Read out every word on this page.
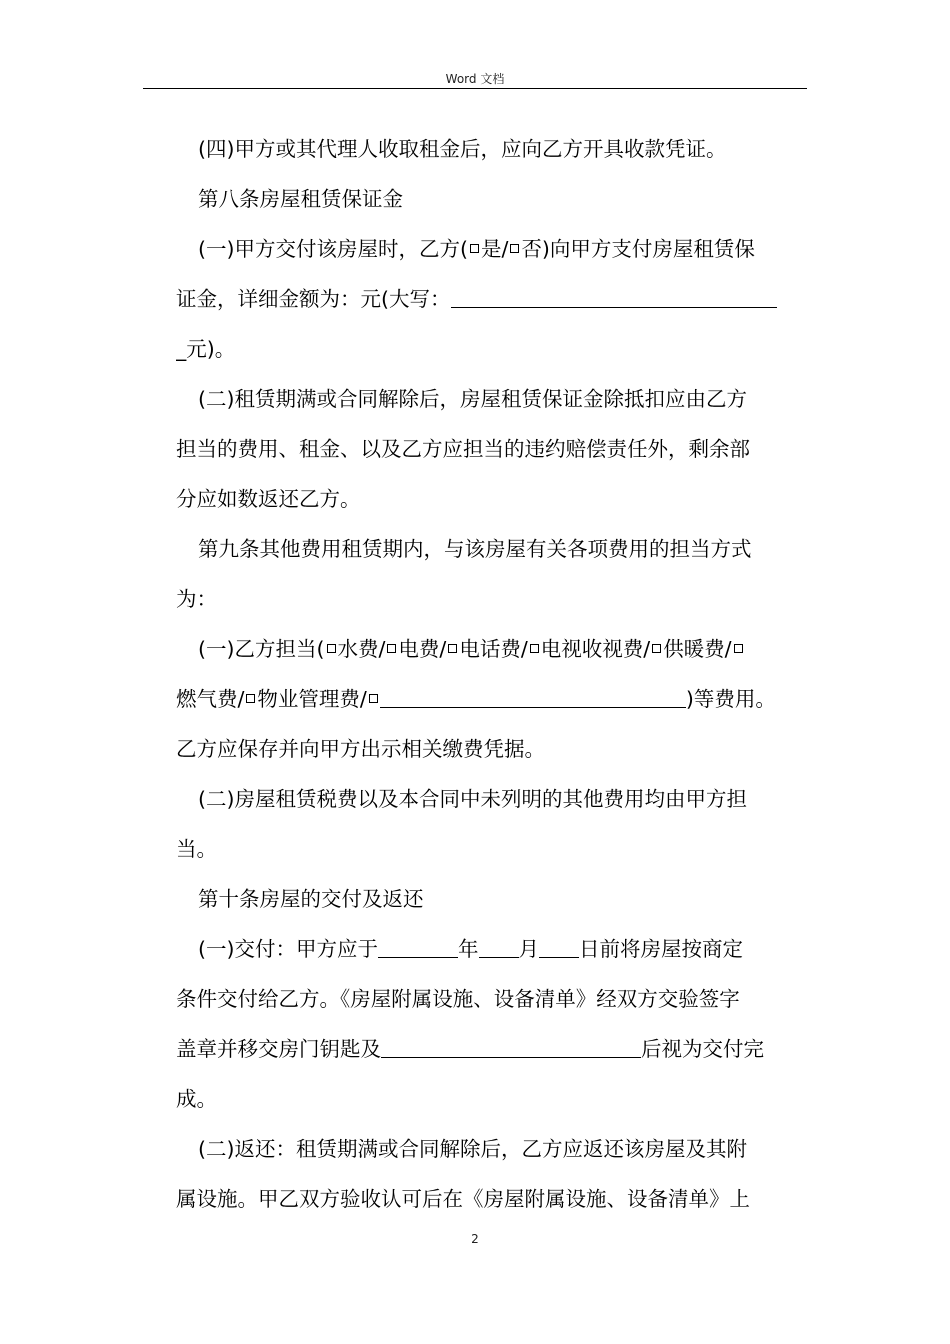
Word 文档
(四)甲方或其代理人收取租金后，应向乙方开具收款凭证。
第八条房屋租赁保证金
(一)甲方交付该房屋时，乙方( 是/ 否)向甲方支付房屋租赁保
证金，详细金额为：元(大写：
_元)。
(二)租赁期满或合同解除后，房屋租赁保证金除抵扣应由乙方
担当的费用、租金、以及乙方应担当的违约赔偿责任外，剩余部
分应如数返还乙方。
第九条其他费用租赁期内，与该房屋有关各项费用的担当方式
为：
(一)乙方担当( 水费/ 电费/ 电话费/ 电视收视费/ 供暖费/
燃气费/ 物业管理费/	)等费用。
乙方应保存并向甲方出示相关缴费凭据。
(二)房屋租赁税费以及本合同中未列明的其他费用均由甲方担
当。
第十条房屋的交付及返还
(一)交付：甲方应于	年 月 日前将房屋按商定
条件交付给乙方。《房屋附属设施、设备清单》经双方交验签字
盖章并移交房门钥匙及	后视为交付完
成。
(二)返还：租赁期满或合同解除后，乙方应返还该房屋及其附
属设施。甲乙双方验收认可后在《房屋附属设施、设备清单》上
2
